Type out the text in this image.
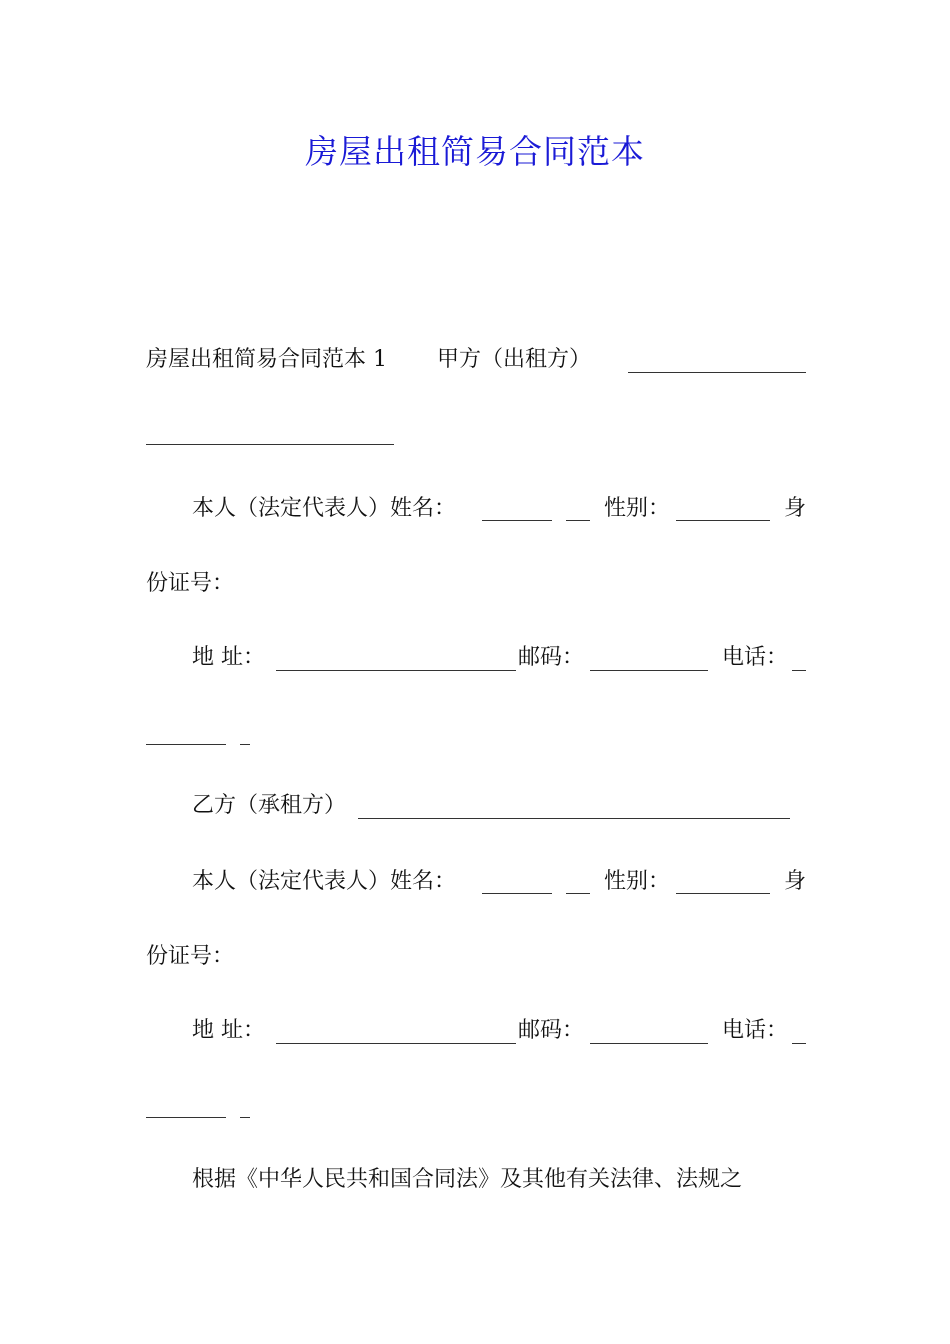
房屋出租简易合同范本
房屋出租简易合同范本 1 甲方（出租方）
本人（法定代表人）姓名：	性别：	身
份证号：
地 址：	邮码：	电话：
乙方（承租方）
本人（法定代表人）姓名：	性别：	身
份证号：
地 址：	邮码：	电话：
根据《中华人民共和国合同法》及其他有关法律、法规之
